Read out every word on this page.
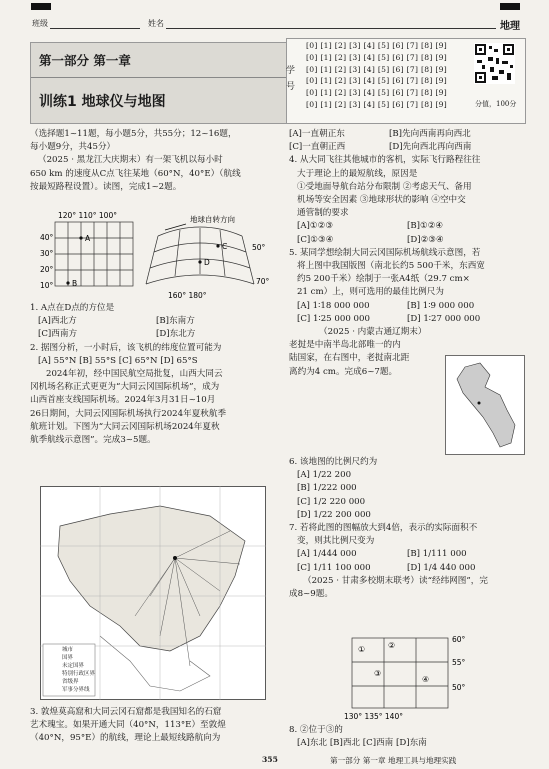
班级	姓名	地理
第一部分 第一章
训练1 地球仪与地图
学号
分值，100分
[0] [1] [2] [3] [4] [5] [6] [7] [8] [9]
[0] [1] [2] [3] [4] [5] [6] [7] [8] [9]
[0] [1] [2] [3] [4] [5] [6] [7] [8] [9]
[0] [1] [2] [3] [4] [5] [6] [7] [8] [9]
[0] [1] [2] [3] [4] [5] [6] [7] [8] [9]
[0] [1] [2] [3] [4] [5] [6] [7] [8] [9]
（选择题1~11题，每小题5分，共55分；12~16题，
每小题9分，共45分）
（2025 · 黑龙江大庆期末）有一架飞机以每小时
650 km 的速度从C点飞往某地（60°N，40°E）（航线
按最短路程设置）。读图，完成1~2题。
120° 110° 100°
40°
30°
20°
10°
A
B
地球自转方向
D
C	50°
70°
160° 180°
1. A点在D点的方位是
[A]西北方	[B]东南方
[C]西南方	[D]东北方
2. 据图分析，一小时后，该飞机的纬度位置可能为
[A] 55°N [B] 55°S [C] 65°N [D] 65°S
2024年初，经中国民航空局批复，山西大同云
冈机场名称正式更更为“大同云冈国际机场”，成为
山西首座支线国际机场。2024年3月31日~10月
26日期间，大同云冈国际机场执行2024年夏秋航季
航班计划。下图为“大同云冈国际机场2024年夏秋
航季航线示意图”。完成3~5题。
城市
国界
未定国界
特别行政区界
省级界
军事分界线
3. 敦煌莫高窟和大同云冈石窟都是我国知名的石窟
艺术瑰宝。如果开通大同（40°N，113°E）至敦煌
（40°N，95°E）的航线，理论上最短线路航向为
[A]一直朝正东	[B]先向西南再向西北
[C]一直朝正西	[D]先向西北再向西南
4. 从大同飞往其他城市的客机，实际飞行路程往往
大于理论上的最短航线，原因是
①受地面导航台站分布限制 ②考虑天气、备用
机场等安全因素 ③地球形状的影响 ④空中交
通管制的要求
[A]①②③	[B]①②④
[C]①③④	[D]②③④
5. 某同学想绘制大同云冈国际机场航线示意图，若
将上图中我国版图（南北长约5 500千米，东西宽
约5 200千米）绘制于一张A4纸（29.7 cm×
21 cm）上，则可选用的最佳比例尺为
[A] 1∶18 000 000	[B] 1∶9 000 000
[C] 1∶25 000 000	[D] 1∶27 000 000
（2025 · 内蒙古通辽期末）
老挝是中南半岛北部唯一的内
陆国家，在右图中，老挝南北距
离约为4 cm。完成6~7题。
6. 该地图的比例尺约为
[A] 1/22 200
[B] 1/222 000
[C] 1/2 220 000
[D] 1/22 200 000
7. 若将此图的图幅放大到4倍，表示的实际面积不
变，则其比例尺变为
[A] 1/444 000	[B] 1/111 000
[C] 1/11 100 000	[D] 1/4 440 000
（2025 · 甘肃多校期末联考）读“经纬网图”，完
成8~9题。
①	②
③
④
60°
55°
50°
130° 135° 140°
8. ②位于③的
[A]东北 [B]西北 [C]西南 [D]东南
355	第一部分 第一章 地理工具与地理实践
